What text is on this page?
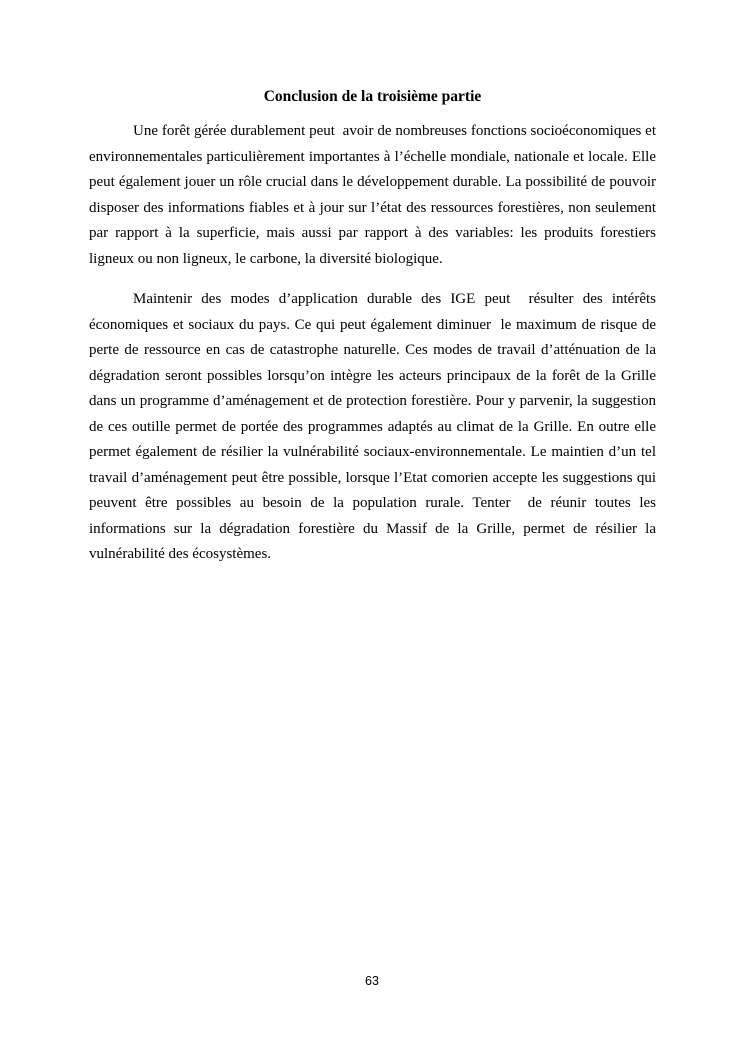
Conclusion de la troisième partie

Une forêt gérée durablement peut  avoir de nombreuses fonctions socioéconomiques et environnementales particulièrement importantes à l’échelle mondiale, nationale et locale. Elle peut également jouer un rôle crucial dans le développement durable. La possibilité de pouvoir disposer des informations fiables et à jour sur l’état des ressources forestières, non seulement par rapport à la superficie, mais aussi par rapport à des variables: les produits forestiers ligneux ou non ligneux, le carbone, la diversité biologique.

Maintenir des modes d’application durable des IGE peut  résulter des intérêts économiques et sociaux du pays. Ce qui peut également diminuer  le maximum de risque de perte de ressource en cas de catastrophe naturelle. Ces modes de travail d’atténuation de la dégradation seront possibles lorsqu’on intègre les acteurs principaux de la forêt de la Grille dans un programme d’aménagement et de protection forestière. Pour y parvenir, la suggestion de ces outille permet de portée des programmes adaptés au climat de la Grille. En outre elle permet également de résilier la vulnérabilité sociaux-environnementale. Le maintien d’un tel travail d’aménagement peut être possible, lorsque l’Etat comorien accepte les suggestions qui peuvent être possibles au besoin de la population rurale. Tenter  de réunir toutes les informations sur la dégradation forestière du Massif de la Grille, permet de résilier la vulnérabilité des écosystèmes.

63
